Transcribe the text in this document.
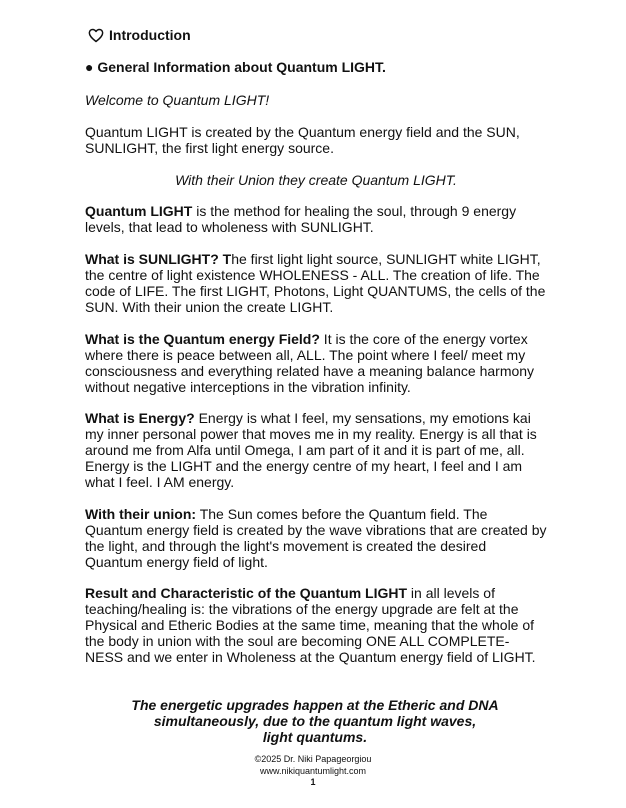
Introduction
● General Information about Quantum LIGHT.
Welcome to Quantum LIGHT!
Quantum LIGHT is created by the Quantum energy field and the SUN, SUNLIGHT, the first light energy source.
With their Union they create Quantum LIGHT.
Quantum LIGHT is the method for healing the soul, through 9 energy levels, that lead to wholeness with SUNLIGHT.
What is SUNLIGHT? The first light light source, SUNLIGHT white LIGHT, the centre of light existence WHOLENESS - ALL. The creation of life. The code of LIFE. The first LIGHT, Photons, Light QUANTUMS, the cells of the SUN. With their union the create LIGHT.
What is the Quantum energy Field? It is the core of the energy vortex where there is peace between all, ALL. The point where I feel/ meet my consciousness and everything related have a meaning balance harmony without negative interceptions in the vibration infinity.
What is Energy? Energy is what I feel, my sensations, my emotions kai my inner personal power that moves me in my reality. Energy is all that is around me from Alfa until Omega, I am part of it and it is part of me, all. Energy is the LIGHT and the energy centre of my heart, I feel and I am what I feel. I AM energy.
With their union: The Sun comes before the Quantum field. The Quantum energy field is created by the wave vibrations that are created by the light, and through the light's movement is created the desired Quantum energy field of light.
Result and Characteristic of the Quantum LIGHT in all levels of teaching/healing is: the vibrations of the energy upgrade are felt at the Physical and Etheric Bodies at the same time, meaning that the whole of the body in union with the soul are becoming ONE ALL COMPLETE-NESS and we enter in Wholeness at the Quantum energy field of LIGHT.
The energetic upgrades happen at the Etheric and DNA
simultaneously, due to the quantum light waves,
light quantums.
©2025 Dr. Niki Papageorgiou
www.nikiquantumlight.com
1
